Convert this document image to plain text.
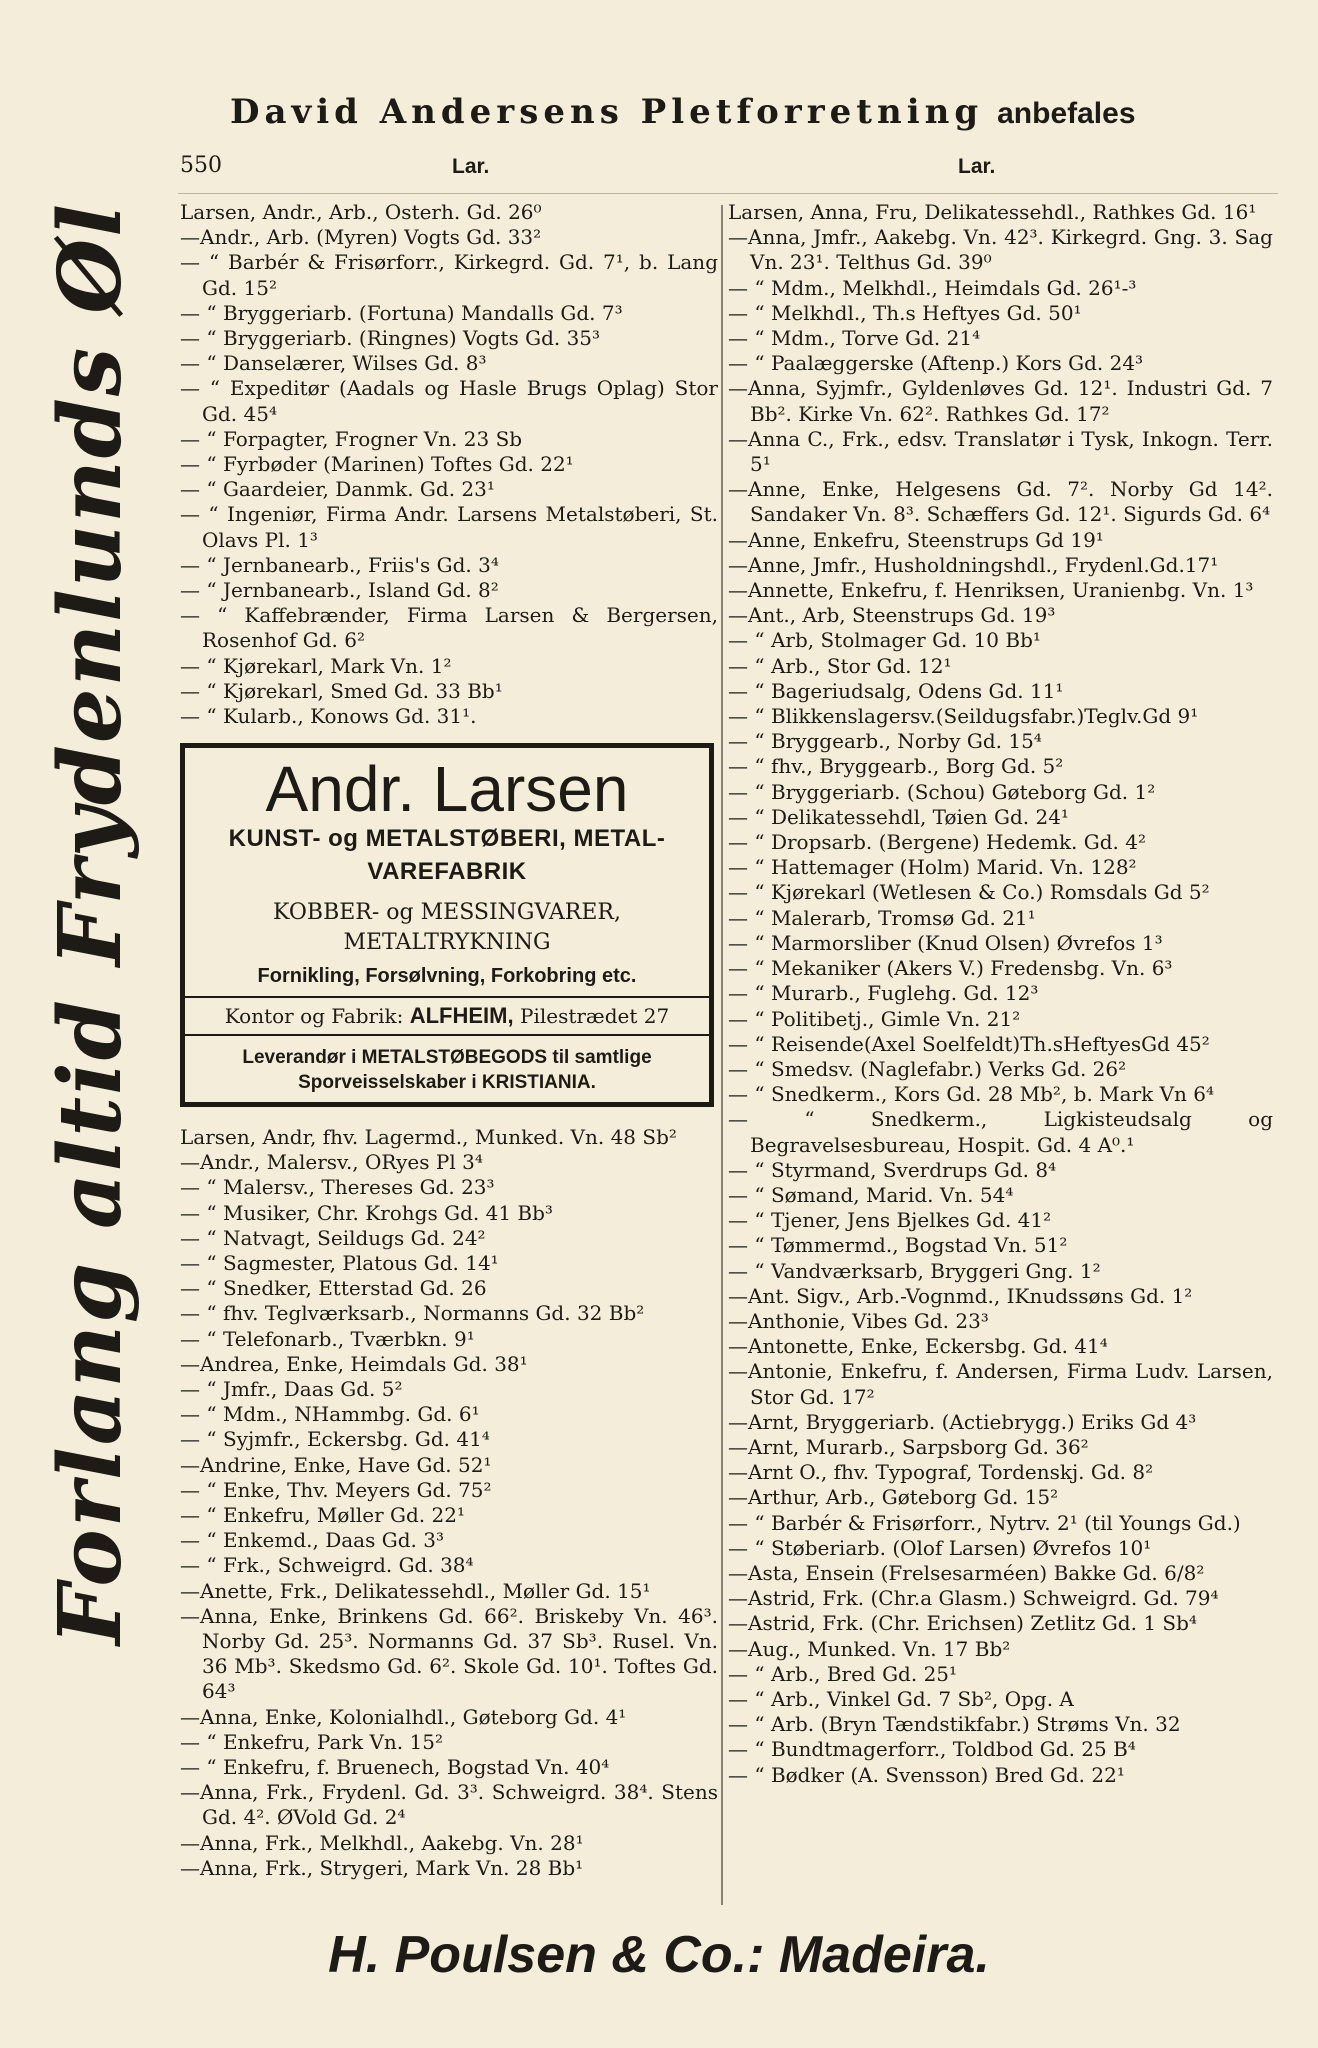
David Andersens Pletforretning anbefales
550	Lar.	Lar.
Forlang altid Frydenlunds Øl Larsen, Andr., Arb., Osterh. Gd. 26⁰

—Andr., Arb. (Myren) Vogts Gd. 33²

— “ Barbér & Frisørforr., Kirkegrd. Gd. 7¹, b. Lang Gd. 15²

— “ Bryggeriarb. (Fortuna) Mandalls Gd. 7³

— “ Bryggeriarb. (Ringnes) Vogts Gd. 35³

— “ Danselærer, Wilses Gd. 8³

— “ Expeditør (Aadals og Hasle Brugs Oplag) Stor Gd. 45⁴

— “ Forpagter, Frogner Vn. 23 Sb

— “ Fyrbøder (Marinen) Toftes Gd. 22¹

— “ Gaardeier, Danmk. Gd. 23¹

— “ Ingeniør, Firma Andr. Larsens Metalstøberi, St. Olavs Pl. 1³

— “ Jernbanearb., Friis's Gd. 3⁴

— “ Jernbanearb., Island Gd. 8²

— “ Kaffebrænder, Firma Larsen & Bergersen, Rosenhof Gd. 6²

— “ Kjørekarl, Mark Vn. 1²

— “ Kjørekarl, Smed Gd. 33 Bb¹

— “ Kularb., Konows Gd. 31¹.

Andr. Larsen
KUNST- og METALSTØBERI, METAL-
VAREFABRIK
KOBBER- og MESSINGVARER,
METALTRYKNING
Fornikling, Forsølvning, Forkobring etc.
Kontor og Fabrik: ALFHEIM, Pilestrædet 27
Leverandør i METALSTØBEGODS til samtlige
Sporveisselskaber i KRISTIANIA.

Larsen, Andr, fhv. Lagermd., Munked. Vn. 48 Sb²

—Andr., Malersv., ORyes Pl 3⁴

— “ Malersv., Thereses Gd. 23³

— “ Musiker, Chr. Krohgs Gd. 41 Bb³

— “ Natvagt, Seildugs Gd. 24²

— “ Sagmester, Platous Gd. 14¹

— “ Snedker, Etterstad Gd. 26

— “ fhv. Teglværksarb., Normanns Gd. 32 Bb²

— “ Telefonarb., Tværbkn. 9¹

—Andrea, Enke, Heimdals Gd. 38¹

— “ Jmfr., Daas Gd. 5²

— “ Mdm., NHammbg. Gd. 6¹

— “ Syjmfr., Eckersbg. Gd. 41⁴

—Andrine, Enke, Have Gd. 52¹

— “ Enke, Thv. Meyers Gd. 75²

— “ Enkefru, Møller Gd. 22¹

— “ Enkemd., Daas Gd. 3³

— “ Frk., Schweigrd. Gd. 38⁴

—Anette, Frk., Delikatessehdl., Møller Gd. 15¹

—Anna, Enke, Brinkens Gd. 66². Briskeby Vn. 46³. Norby Gd. 25³. Normanns Gd. 37 Sb³. Rusel. Vn. 36 Mb³. Skedsmo Gd. 6². Skole Gd. 10¹. Toftes Gd. 64³

—Anna, Enke, Kolonialhdl., Gøteborg Gd. 4¹

— “ Enkefru, Park Vn. 15²

— “ Enkefru, f. Bruenech, Bogstad Vn. 40⁴

—Anna, Frk., Frydenl. Gd. 3³. Schweigrd. 38⁴. Stens Gd. 4². ØVold Gd. 2⁴

—Anna, Frk., Melkhdl., Aakebg. Vn. 28¹

—Anna, Frk., Strygeri, Mark Vn. 28 Bb¹

Larsen, Anna, Fru, Delikatessehdl., Rathkes Gd. 16¹

—Anna, Jmfr., Aakebg. Vn. 42³. Kirkegrd. Gng. 3. Sag Vn. 23¹. Telthus Gd. 39⁰

— “ Mdm., Melkhdl., Heimdals Gd. 26¹-³

— “ Melkhdl., Th.s Heftyes Gd. 50¹

— “ Mdm., Torve Gd. 21⁴

— “ Paalæggerske (Aftenp.) Kors Gd. 24³

—Anna, Syjmfr., Gyldenløves Gd. 12¹. Industri Gd. 7 Bb². Kirke Vn. 62². Rathkes Gd. 17²

—Anna C., Frk., edsv. Translatør i Tysk, Inkogn. Terr. 5¹

—Anne, Enke, Helgesens Gd. 7². Norby Gd 14². Sandaker Vn. 8³. Schæffers Gd. 12¹. Sigurds Gd. 6⁴

—Anne, Enkefru, Steenstrups Gd 19¹

—Anne, Jmfr., Husholdningshdl., Frydenl.Gd.17¹

—Annette, Enkefru, f. Henriksen, Uranienbg. Vn. 1³

—Ant., Arb, Steenstrups Gd. 19³

— “ Arb, Stolmager Gd. 10 Bb¹

— “ Arb., Stor Gd. 12¹

— “ Bageriudsalg, Odens Gd. 11¹

— “ Blikkenslagersv.(Seildugsfabr.)Teglv.Gd 9¹

— “ Bryggearb., Norby Gd. 15⁴

— “ fhv., Bryggearb., Borg Gd. 5²

— “ Bryggeriarb. (Schou) Gøteborg Gd. 1²

— “ Delikatessehdl, Tøien Gd. 24¹

— “ Dropsarb. (Bergene) Hedemk. Gd. 4²

— “ Hattemager (Holm) Marid. Vn. 128²

— “ Kjørekarl (Wetlesen & Co.) Romsdals Gd 5²

— “ Malerarb, Tromsø Gd. 21¹

— “ Marmorsliber (Knud Olsen) Øvrefos 1³

— “ Mekaniker (Akers V.) Fredensbg. Vn. 6³

— “ Murarb., Fuglehg. Gd. 12³

— “ Politibetj., Gimle Vn. 21²

— “ Reisende(Axel Soelfeldt)Th.sHeftyesGd 45²

— “ Smedsv. (Naglefabr.) Verks Gd. 26²

— “ Snedkerm., Kors Gd. 28 Mb², b. Mark Vn 6⁴

— “ Snedkerm., Ligkisteudsalg og Begravelsesbureau, Hospit. Gd. 4 A⁰.¹

— “ Styrmand, Sverdrups Gd. 8⁴

— “ Sømand, Marid. Vn. 54⁴

— “ Tjener, Jens Bjelkes Gd. 41²

— “ Tømmermd., Bogstad Vn. 51²

— “ Vandværksarb, Bryggeri Gng. 1²

—Ant. Sigv., Arb.-Vognmd., IKnudssøns Gd. 1²

—Anthonie, Vibes Gd. 23³

—Antonette, Enke, Eckersbg. Gd. 41⁴

—Antonie, Enkefru, f. Andersen, Firma Ludv. Larsen, Stor Gd. 17²

—Arnt, Bryggeriarb. (Actiebrygg.) Eriks Gd 4³

—Arnt, Murarb., Sarpsborg Gd. 36²

—Arnt O., fhv. Typograf, Tordenskj. Gd. 8²

—Arthur, Arb., Gøteborg Gd. 15²

— “ Barbér & Frisørforr., Nytrv. 2¹ (til Youngs Gd.)

— “ Støberiarb. (Olof Larsen) Øvrefos 10¹

—Asta, Ensein (Frelsesarméen) Bakke Gd. 6/8²

—Astrid, Frk. (Chr.a Glasm.) Schweigrd. Gd. 79⁴

—Astrid, Frk. (Chr. Erichsen) Zetlitz Gd. 1 Sb⁴

—Aug., Munked. Vn. 17 Bb²

— “ Arb., Bred Gd. 25¹

— “ Arb., Vinkel Gd. 7 Sb², Opg. A

— “ Arb. (Bryn Tændstikfabr.) Strøms Vn. 32

— “ Bundtmagerforr., Toldbod Gd. 25 B⁴

— “ Bødker (A. Svensson) Bred Gd. 22¹

H. Poulsen & Co.: Madeira.
